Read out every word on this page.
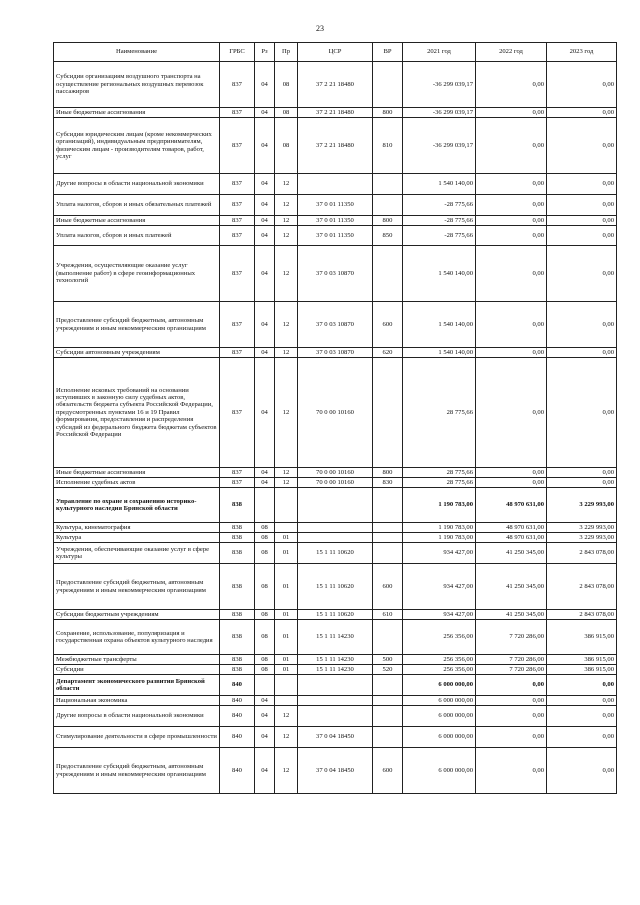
23
Наименование	ГРБС	Рз	Пр	ЦСР	ВР	2021 год	2022 год	2023 год
Субсидии организациям воздушного транспорта на осуществление региональных воздушных перевозок пассажиров	837	04	08	37 2 21 18480		-36 299 039,17	0,00	0,00
Иные бюджетные ассигнования	837	04	08	37 2 21 18480	800	-36 299 039,17	0,00	0,00
Субсидии юридическим лицам (кроме некоммерческих организаций), индивидуальным предпринимателям, физическим лицам - производителям товаров, работ, услуг	837	04	08	37 2 21 18480	810	-36 299 039,17	0,00	0,00
Другие вопросы в области национальной экономики	837	04	12			1 540 140,00	0,00	0,00
Уплата налогов, сборов и иных обязательных платежей	837	04	12	37 0 01 11350		-28 775,66	0,00	0,00
Иные бюджетные ассигнования	837	04	12	37 0 01 11350	800	-28 775,66	0,00	0,00
Уплата налогов, сборов и иных платежей	837	04	12	37 0 01 11350	850	-28 775,66	0,00	0,00
Учреждения, осуществляющие оказание услуг (выполнение работ) в сфере геоинформационных технологий	837	04	12	37 0 03 10870		1 540 140,00	0,00	0,00
Предоставление субсидий бюджетным, автономным учреждениям и иным некоммерческим организациям	837	04	12	37 0 03 10870	600	1 540 140,00	0,00	0,00
Субсидии автономным учреждениям	837	04	12	37 0 03 10870	620	1 540 140,00	0,00	0,00
Исполнение исковых требований на основании вступивших в законную силу судебных актов, обязательств бюджета субъекта Российской Федерации, предусмотренных пунктами 16 и 19 Правил формирования, предоставления и распределения субсидий из федерального бюджета бюджетам субъектов Российской Федерации	837	04	12	70 0 00 10160		28 775,66	0,00	0,00
Иные бюджетные ассигнования	837	04	12	70 0 00 10160	800	28 775,66	0,00	0,00
Исполнение судебных актов	837	04	12	70 0 00 10160	830	28 775,66	0,00	0,00
Управление по охране и сохранению историко-культурного наследия Брянской области	838					1 190 783,00	48 970 631,00	3 229 993,00
Культура, кинематография	838	08				1 190 783,00	48 970 631,00	3 229 993,00
Культура	838	08	01			1 190 783,00	48 970 631,00	3 229 993,00
Учреждения, обеспечивающие оказание услуг в сфере культуры	838	08	01	15 1 11 10620		934 427,00	41 250 345,00	2 843 078,00
Предоставление субсидий бюджетным, автономным учреждениям и иным некоммерческим организациям	838	08	01	15 1 11 10620	600	934 427,00	41 250 345,00	2 843 078,00
Субсидии бюджетным учреждениям	838	08	01	15 1 11 10620	610	934 427,00	41 250 345,00	2 843 078,00
Сохранение, использование, популяризация и государственная охрана объектов культурного наследия	838	08	01	15 1 11 14230		256 356,00	7 720 286,00	386 915,00
Межбюджетные трансферты	838	08	01	15 1 11 14230	500	256 356,00	7 720 286,00	386 915,00
Субсидии	838	08	01	15 1 11 14230	520	256 356,00	7 720 286,00	386 915,00
Департамент экономического развития Брянской области	840					6 000 000,00	0,00	0,00
Национальная экономика	840	04				6 000 000,00	0,00	0,00
Другие вопросы в области национальной экономики	840	04	12			6 000 000,00	0,00	0,00
Стимулирование деятельности в сфере промышленности	840	04	12	37 0 04 18450		6 000 000,00	0,00	0,00
Предоставление субсидий бюджетным, автономным учреждениям и иным некоммерческим организациям	840	04	12	37 0 04 18450	600	6 000 000,00	0,00	0,00
